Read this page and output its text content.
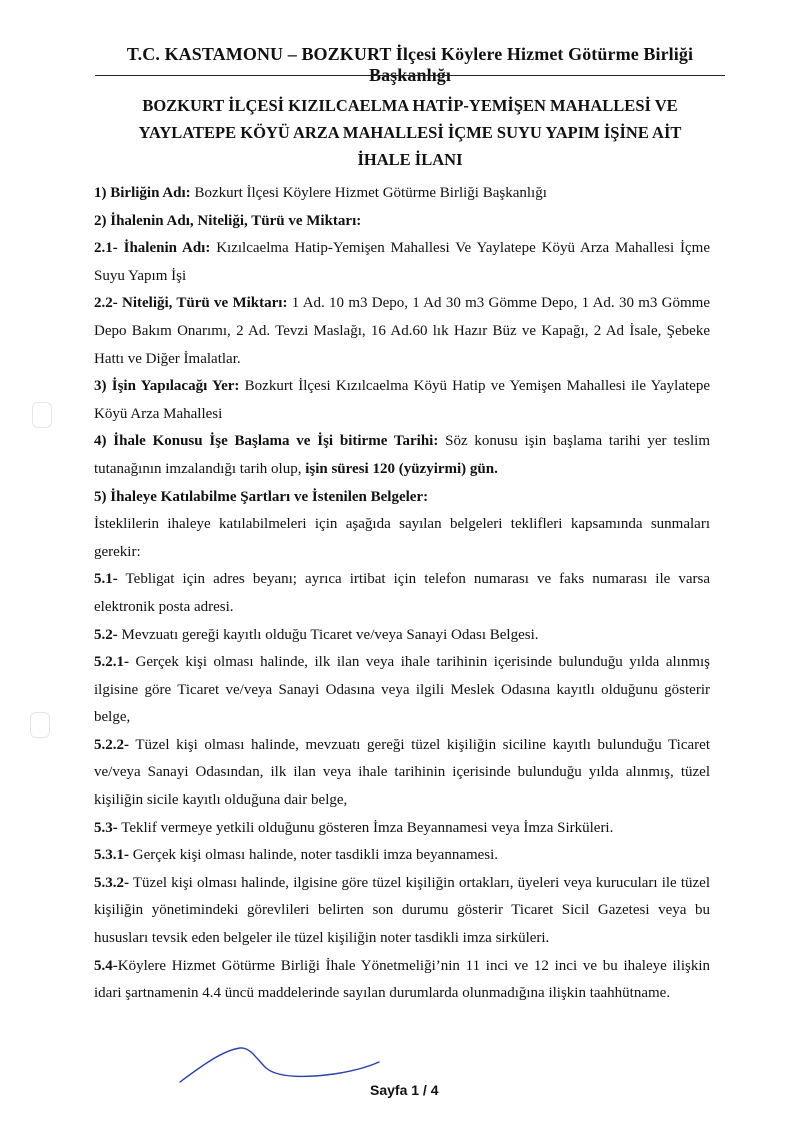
T.C. KASTAMONU – BOZKURT İlçesi Köylere Hizmet Götürme Birliği Başkanlığı
BOZKURT İLÇESİ KIZILCAELMA HATİP-YEMİŞEN MAHALLESİ VE
YAYLATEPE KÖYÜ ARZA MAHALLESİ İÇME SUYU YAPIM İŞİNE AİT
İHALE İLANI

1) Birliğin Adı: Bozkurt İlçesi Köylere Hizmet Götürme Birliği Başkanlığı

2) İhalenin Adı, Niteliği, Türü ve Miktarı:

2.1- İhalenin Adı: Kızılcaelma Hatip-Yemişen Mahallesi Ve Yaylatepe Köyü Arza Mahallesi İçme Suyu Yapım İşi

2.2- Niteliği, Türü ve Miktarı: 1 Ad. 10 m3 Depo, 1 Ad 30 m3 Gömme Depo, 1 Ad. 30 m3 Gömme Depo Bakım Onarımı, 2 Ad. Tevzi Maslağı, 16 Ad.60 lık Hazır Büz ve Kapağı, 2 Ad İsale, Şebeke Hattı ve Diğer İmalatlar.

3) İşin Yapılacağı Yer: Bozkurt İlçesi Kızılcaelma Köyü Hatip ve Yemişen Mahallesi ile Yaylatepe Köyü Arza Mahallesi

4) İhale Konusu İşe Başlama ve İşi bitirme Tarihi: Söz konusu işin başlama tarihi yer teslim tutanağının imzalandığı tarih olup, işin süresi 120 (yüzyirmi) gün.

5) İhaleye Katılabilme Şartları ve İstenilen Belgeler:

İsteklilerin ihaleye katılabilmeleri için aşağıda sayılan belgeleri teklifleri kapsamında sunmaları gerekir:

5.1- Tebligat için adres beyanı; ayrıca irtibat için telefon numarası ve faks numarası ile varsa elektronik posta adresi.

5.2- Mevzuatı gereği kayıtlı olduğu Ticaret ve/veya Sanayi Odası Belgesi.

5.2.1- Gerçek kişi olması halinde, ilk ilan veya ihale tarihinin içerisinde bulunduğu yılda alınmış ilgisine göre Ticaret ve/veya Sanayi Odasına veya ilgili Meslek Odasına kayıtlı olduğunu gösterir belge,

5.2.2- Tüzel kişi olması halinde, mevzuatı gereği tüzel kişiliğin siciline kayıtlı bulunduğu Ticaret ve/veya Sanayi Odasından, ilk ilan veya ihale tarihinin içerisinde bulunduğu yılda alınmış, tüzel kişiliğin sicile kayıtlı olduğuna dair belge,

5.3- Teklif vermeye yetkili olduğunu gösteren İmza Beyannamesi veya İmza Sirküleri.

5.3.1- Gerçek kişi olması halinde, noter tasdikli imza beyannamesi.

5.3.2- Tüzel kişi olması halinde, ilgisine göre tüzel kişiliğin ortakları, üyeleri veya kurucuları ile tüzel kişiliğin yönetimindeki görevlileri belirten son durumu gösterir Ticaret Sicil Gazetesi veya bu hususları tevsik eden belgeler ile tüzel kişiliğin noter tasdikli imza sirküleri.

5.4-Köylere Hizmet Götürme Birliği İhale Yönetmeliği’nin 11 inci ve 12 inci ve bu ihaleye ilişkin idari şartnamenin 4.4 üncü maddelerinde sayılan durumlarda olunmadığına ilişkin taahhütname.

Sayfa 1 / 4
